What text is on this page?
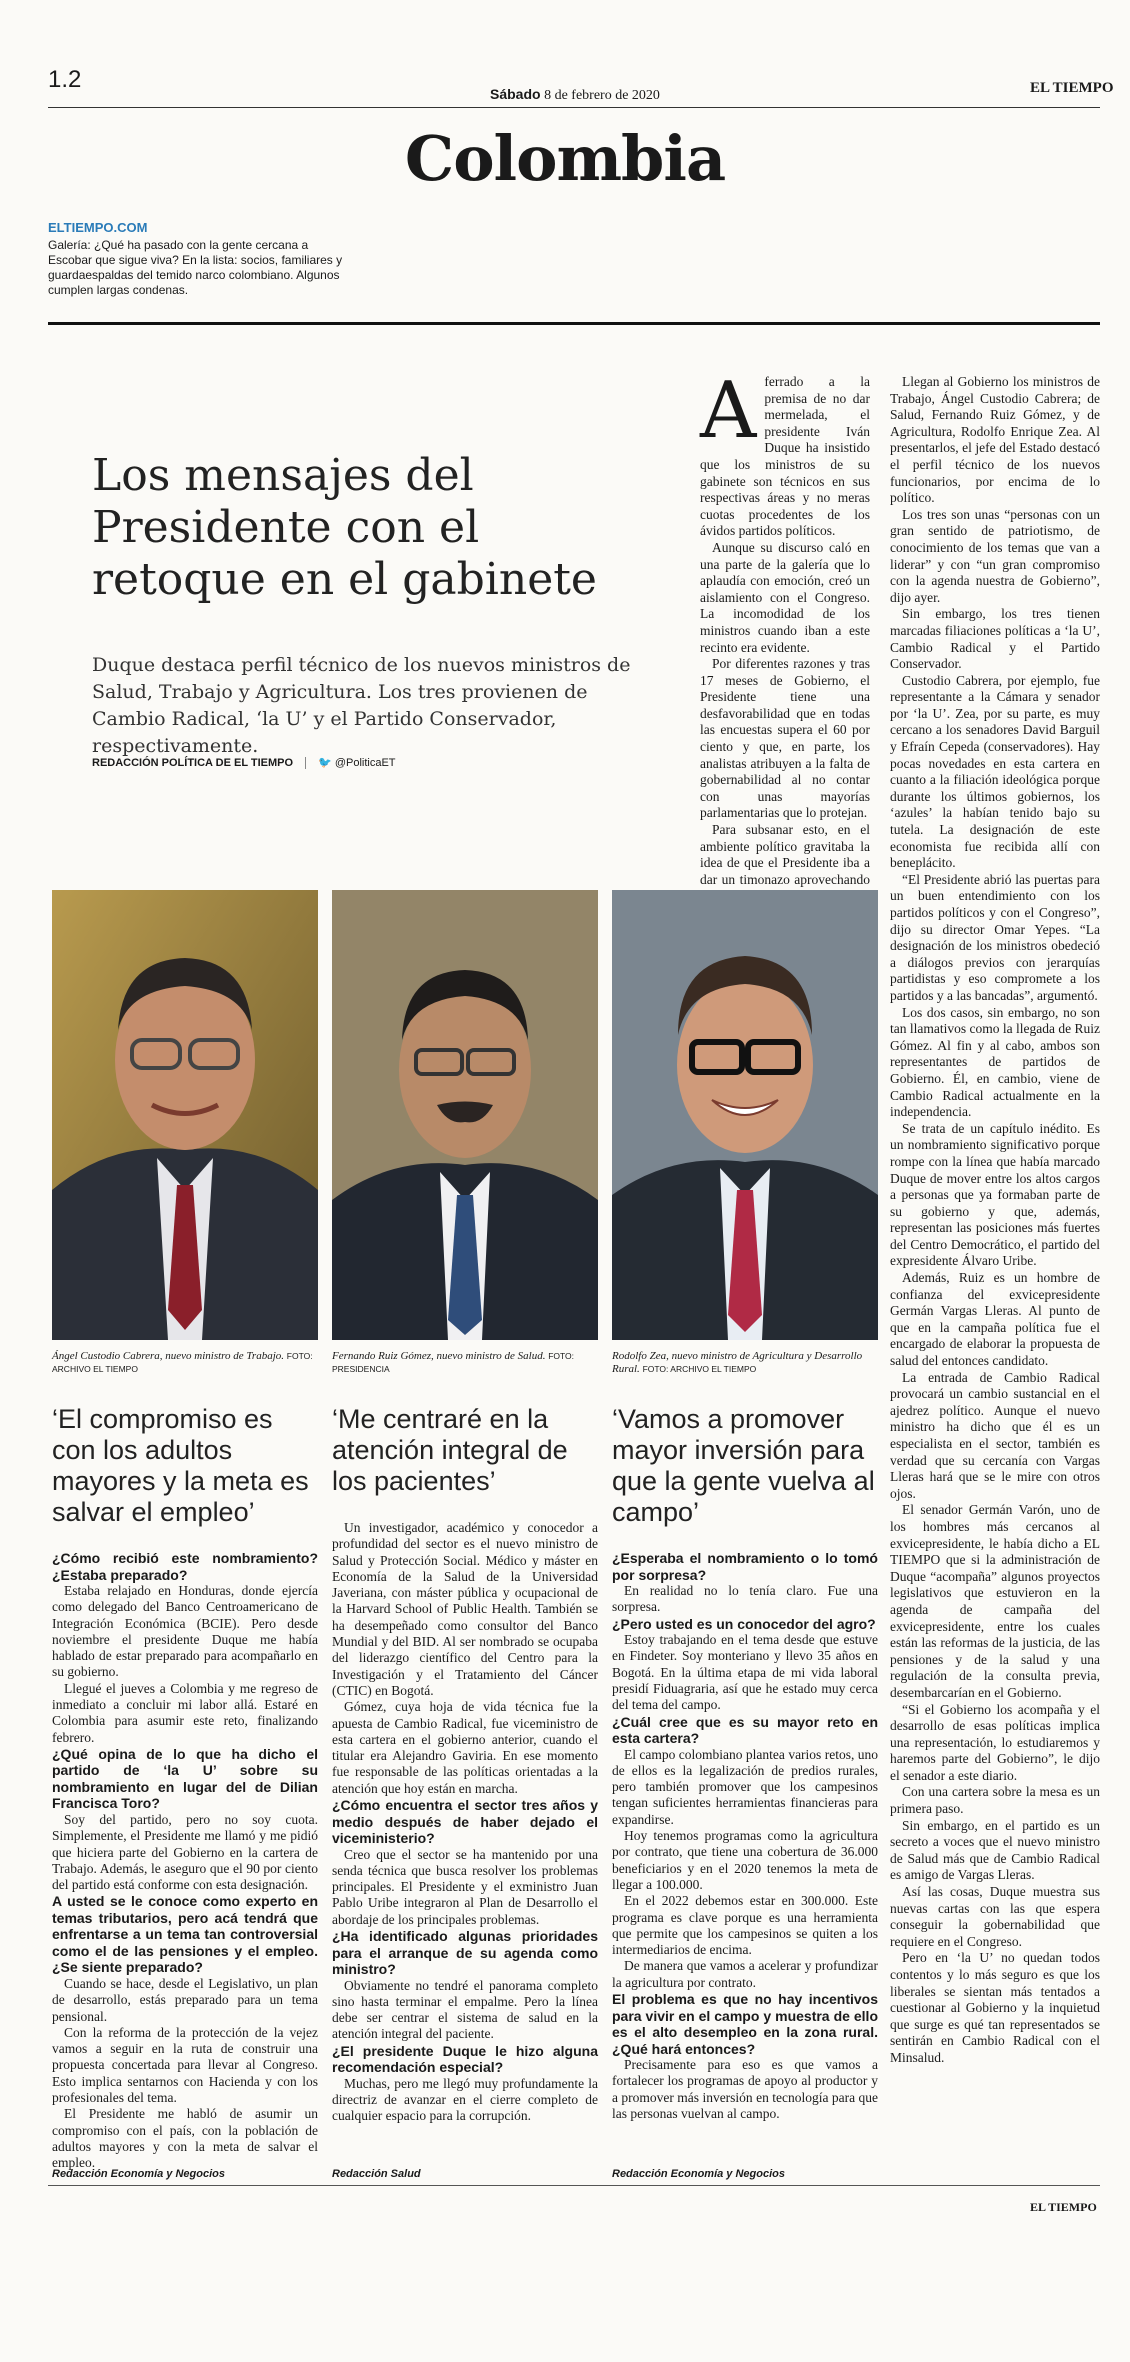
1.2
Sábado 8 de febrero de 2020	EL TIEMPO
Colombia
ELTIEMPO.COM
Galería: ¿Qué ha pasado con la gente cercana a Escobar que sigue viva? En la lista: socios, familiares y guardaespaldas del temido narco colombiano. Algunos cumplen largas condenas.
Los mensajes del Presidente con el retoque en el gabinete
Duque destaca perfil técnico de los nuevos ministros de Salud, Trabajo y Agricultura. Los tres provienen de Cambio Radical, ‘la U’ y el Partido Conservador, respectivamente.
REDACCIÓN POLÍTICA DE EL TIEMPO 🐦 @PoliticaET

Aferrado a la premisa de no dar mermelada, el presidente Iván Duque ha insistido que los ministros de su gabinete son técnicos en sus respectivas áreas y no meras cuotas procedentes de los ávidos partidos políticos.

Aunque su discurso caló en una parte de la galería que lo aplaudía con emoción, creó un aislamiento con el Congreso. La incomodidad de los ministros cuando iban a este recinto era evidente.

Por diferentes razones y tras 17 meses de Gobierno, el Presidente tiene una desfavorabilidad que en todas las encuestas supera el 60 por ciento y que, en parte, los analistas atribuyen a la falta de gobernabilidad al no contar con unas mayorías parlamentarias que lo protejan.

Para subsanar esto, en el ambiente político gravitaba la idea de que el Presidente iba a dar un timonazo aprovechando

Llegan al Gobierno los ministros de Trabajo, Ángel Custodio Cabrera; de Salud, Fernando Ruiz Gómez, y de Agricultura, Rodolfo Enrique Zea. Al presentarlos, el jefe del Estado destacó el perfil técnico de los nuevos funcionarios, por encima de lo político.

Los tres son unas “personas con un gran sentido de patriotismo, de conocimiento de los temas que van a liderar” y con “un gran compromiso con la agenda nuestra de Gobierno”, dijo ayer.

Sin embargo, los tres tienen marcadas filiaciones políticas a ‘la U’, Cambio Radical y el Partido Conservador.

Custodio Cabrera, por ejemplo, fue representante a la Cámara y senador por ‘la U’. Zea, por su parte, es muy cercano a los senadores David Barguil y Efraín Cepeda (conservadores). Hay pocas novedades en esta cartera en cuanto a la filiación ideológica porque durante los últimos gobiernos, los ‘azules’ la habían tenido bajo su tutela. La designación de este economista fue recibida allí con beneplácito.

“El Presidente abrió las puertas para un buen entendimiento con los partidos políticos y con el Congreso”, dijo su director Omar Yepes. “La designación de los ministros obedeció a diálogos previos con jerarquías partidistas y eso compromete a los partidos y a las bancadas”, argumentó.

Los dos casos, sin embargo, no son tan llamativos como la llegada de Ruiz Gómez. Al fin y al cabo, ambos son representantes de partidos de Gobierno. Él, en cambio, viene de Cambio Radical actualmente en la independencia.

Se trata de un capítulo inédito. Es un nombramiento significativo porque rompe con la línea que había marcado Duque de mover entre los altos cargos a personas que ya formaban parte de su gobierno y que, además, representan las posiciones más fuertes del Centro Democrático, el partido del expresidente Álvaro Uribe.

Además, Ruiz es un hombre de confianza del exvicepresidente Germán Vargas Lleras. Al punto de que en la campaña política fue el encargado de elaborar la propuesta de salud del entonces candidato.

La entrada de Cambio Radical provocará un cambio sustancial en el ajedrez político. Aunque el nuevo ministro ha dicho que él es un especialista en el sector, también es verdad que su cercanía con Vargas Lleras hará que se le mire con otros ojos.

El senador Germán Varón, uno de los hombres más cercanos al exvicepresidente, le había dicho a EL TIEMPO que si la administración de Duque “acompaña” algunos proyectos legislativos que estuvieron en la agenda de campaña del exvicepresidente, entre los cuales están las reformas de la justicia, de las pensiones y de la salud y una regulación de la consulta previa, desembarcarían en el Gobierno.

“Si el Gobierno los acompaña y el desarrollo de esas políticas implica una representación, lo estudiaremos y haremos parte del Gobierno”, le dijo el senador a este diario.

Con una cartera sobre la mesa es un primera paso.

Sin embargo, en el partido es un secreto a voces que el nuevo ministro de Salud más que de Cambio Radical es amigo de Vargas Lleras.

Así las cosas, Duque muestra sus nuevas cartas con las que espera conseguir la gobernabilidad que requiere en el Congreso.

Pero en ‘la U’ no quedan todos contentos y lo más seguro es que los liberales se sientan más tentados a cuestionar al Gobierno y la inquietud que surge es qué tan representados se sentirán en Cambio Radical con el Minsalud.

Ángel Custodio Cabrera, nuevo ministro de Trabajo. FOTO: ARCHIVO EL TIEMPO
Fernando Ruiz Gómez, nuevo ministro de Salud. FOTO: PRESIDENCIA
Rodolfo Zea, nuevo ministro de Agricultura y Desarrollo Rural. FOTO: ARCHIVO EL TIEMPO
‘El compromiso es con los adultos mayores y la meta es salvar el empleo’
‘Me centraré en la atención integral de los pacientes’
‘Vamos a promover mayor inversión para que la gente vuelva al campo’

¿Cómo recibió este nombramiento? ¿Estaba preparado?

Estaba relajado en Honduras, donde ejercía como delegado del Banco Centroamericano de Integración Económica (BCIE). Pero desde noviembre el presidente Duque me había hablado de estar preparado para acompañarlo en su gobierno.

Llegué el jueves a Colombia y me regreso de inmediato a concluir mi labor allá. Estaré en Colombia para asumir este reto, finalizando febrero.

¿Qué opina de lo que ha dicho el partido de ‘la U’ sobre su nombramiento en lugar del de Dilian Francisca Toro?

Soy del partido, pero no soy cuota. Simplemente, el Presidente me llamó y me pidió que hiciera parte del Gobierno en la cartera de Trabajo. Además, le aseguro que el 90 por ciento del partido está conforme con esta designación.

A usted se le conoce como experto en temas tributarios, pero acá tendrá que enfrentarse a un tema tan controversial como el de las pensiones y el empleo. ¿Se siente preparado?

Cuando se hace, desde el Legislativo, un plan de desarrollo, estás preparado para un tema pensional.

Con la reforma de la protección de la vejez vamos a seguir en la ruta de construir una propuesta concertada para llevar al Congreso. Esto implica sentarnos con Hacienda y con los profesionales del tema.

El Presidente me habló de asumir un compromiso con el país, con la población de adultos mayores y con la meta de salvar el empleo.

Un investigador, académico y conocedor a profundidad del sector es el nuevo ministro de Salud y Protección Social. Médico y máster en Economía de la Salud de la Universidad Javeriana, con máster pública y ocupacional de la Harvard School of Public Health. También se ha desempeñado como consultor del Banco Mundial y del BID. Al ser nombrado se ocupaba del liderazgo científico del Centro para la Investigación y el Tratamiento del Cáncer (CTIC) en Bogotá.

Gómez, cuya hoja de vida técnica fue la apuesta de Cambio Radical, fue viceministro de esta cartera en el gobierno anterior, cuando el titular era Alejandro Gaviria. En ese momento fue responsable de las políticas orientadas a la atención que hoy están en marcha.

¿Cómo encuentra el sector tres años y medio después de haber dejado el viceministerio?

Creo que el sector se ha mantenido por una senda técnica que busca resolver los problemas principales. El Presidente y el exministro Juan Pablo Uribe integraron al Plan de Desarrollo el abordaje de los principales problemas.

¿Ha identificado algunas prioridades para el arranque de su agenda como ministro?

Obviamente no tendré el panorama completo sino hasta terminar el empalme. Pero la línea debe ser centrar el sistema de salud en la atención integral del paciente.

¿El presidente Duque le hizo alguna recomendación especial?

Muchas, pero me llegó muy profundamente la directriz de avanzar en el cierre completo de cualquier espacio para la corrupción.

¿Esperaba el nombramiento o lo tomó por sorpresa?

En realidad no lo tenía claro. Fue una sorpresa.

¿Pero usted es un conocedor del agro?

Estoy trabajando en el tema desde que estuve en Findeter. Soy monteriano y llevo 35 años en Bogotá. En la última etapa de mi vida laboral presidí Fiduagraria, así que he estado muy cerca del tema del campo.

¿Cuál cree que es su mayor reto en esta cartera?

El campo colombiano plantea varios retos, uno de ellos es la legalización de predios rurales, pero también promover que los campesinos tengan suficientes herramientas financieras para expandirse.

Hoy tenemos programas como la agricultura por contrato, que tiene una cobertura de 36.000 beneficiarios y en el 2020 tenemos la meta de llegar a 100.000.

En el 2022 debemos estar en 300.000. Este programa es clave porque es una herramienta que permite que los campesinos se quiten a los intermediarios de encima.

De manera que vamos a acelerar y profundizar la agricultura por contrato.

El problema es que no hay incentivos para vivir en el campo y muestra de ello es el alto desempleo en la zona rural. ¿Qué hará entonces?

Precisamente para eso es que vamos a fortalecer los programas de apoyo al productor y a promover más inversión en tecnología para que las personas vuelvan al campo.

Redacción Economía y Negocios	Redacción Salud	Redacción Economía y Negocios
EL TIEMPO
